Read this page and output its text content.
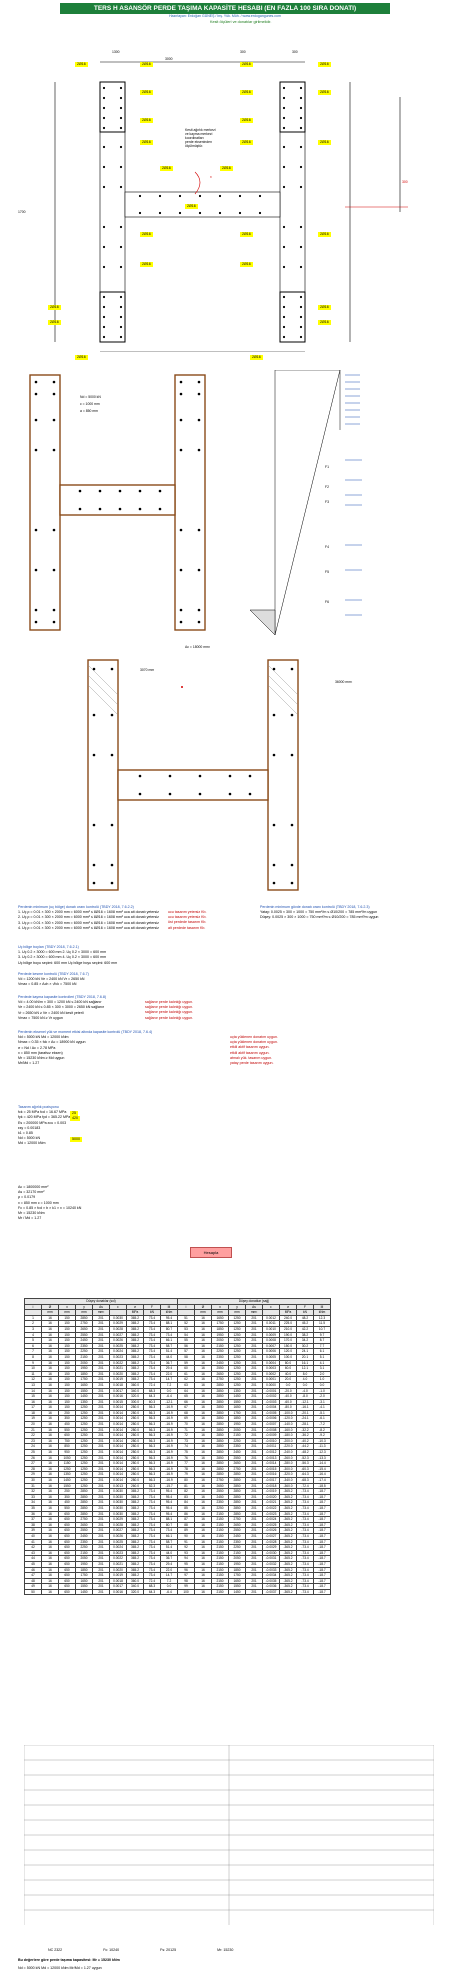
TERS H ASANSÖR PERDE TAŞIMA KAPASİTE HESABI (EN FAZLA 100 SIRA DONATI)
Hazırlayan: Erdoğan GÜNEŞ / İnş. Yük. Müh. / www.erdogangunes.com
Kesit ölçüleri ve donatılar girilmelidir.
Kesit ağırlık merkezi
ve kayma merkezi
koordinatları
perde ekseninden
ölçülmüştür.
x
3000
1300	300	300
300
1700
2Ø16	2Ø16	2Ø16	2Ø16
2Ø16	2Ø16
2Ø16	2Ø16
2Ø16	2Ø16
2Ø16	2Ø16
2Ø16
2Ø16	2Ø16
2Ø16	2Ø16
2Ø16
2Ø16
2Ø16
2Ø16
2Ø16	2Ø16
2Ø16
2Ø16
2Ø16
Nd = 5000 kN
c = 1000 mm
a = 850 mm
F1
F2
F3
F4
F5
F6
Ac = 18000 mm²
36000 mm²
3070 mm
Perdenin minimum (uç bölge) donatı oranı kontrolü (TBDY 2018, 7.6.2.2)
1. Uç ρ = 0.01 × 300 × 2000 mm = 6000 mm² ≤ 8Ø16 = 1608 mm² uca ait donatı yetersiz
2. Uç ρ = 0.01 × 300 × 2000 mm = 6000 mm² ≤ 8Ø16 = 1608 mm² uca ait donatı yetersiz
3. Uç ρ = 0.01 × 300 × 2000 mm = 6000 mm² ≤ 8Ø16 = 1608 mm² uca ait donatı yetersiz
4. Uç ρ = 0.01 × 300 × 2000 mm = 6000 mm² ≤ 8Ø16 = 1608 mm² uca ait donatı yetersiz
ucu tasarım yetersiz Kb.
ucu tasarım yetersiz Kb.
üst perdede tasarım Kb.
alt perdede tasarım Kb.
Perdenin minimum gövde donatı oranı kontrolü (TBDY 2018, 7.6.2.3)
Yatay: 0.0025 × 300 × 1000 = 750 mm²/m ≤ Ø10/200 = 785 mm²/m uygun
Düşey: 0.0025 × 300 × 1000 = 750 mm²/m ≤ Ø10/200 = 785 mm²/m uygun
Uç bölge boyları (TBDY 2018, 7.6.2.1)
1. Uç 0.2 × 3000 = 600 mm 2. Uç 0.2 × 3000 = 600 mm
3. Uç 0.2 × 3000 = 600 mm 4. Uç 0.2 × 3000 = 600 mm
Uç bölge boyu seçimi: 600 mm Uç bölge boyu seçimi: 600 mm
Perdede kesme kontrolü (TBDY 2018, 7.6.7)
Vd = 1200 kN Ve = 2400 kN Vr = 2650 kN
Vmax = 0.85 × Ach × √fck = 7500 kN
Perdede kayma kapasite kontrolleri (TBDY 2018, 7.6.8)
Vd = 4.00 kN/m × 300 = 1200 kN ≤ 2400 kN sağlanır
Ve = 2400 kN ≤ 0.85 × 300 × 3000 = 2650 kN sağlanır
Vr = 2650 kN ≥ Ve = 2400 kN kesit yeterli
Vmax = 7500 kN ≥ Vr uygun
sağlanır perde kalınlığı uygun.
sağlanır perde kalınlığı uygun.
sağlanır perde kalınlığı uygun.
sağlanır perde kalınlığı uygun.
Perdenin eksenel yük ve moment etkisi altında kapasite kontrolü (TBDY 2018, 7.6.4)
Nd = 5000 kN Md = 12000 kNm
Nmax = 0.35 × fck × Ac = 18900 kN uygun
σ = Nd / Ac = 2.78 MPa
x = 850 mm (tarafsız eksen)
Mr = 15230 kNm ≥ Md uygun
Mr/Md = 1.27
uçta yüklenen donatım uygun.
uçta yüklenen donatım uygun.
etkili aktif tasarım uygun.
etkili aktif tasarım uygun.
atmalı yük. tasarım uygun.
yatay perde tasarım uygun.
Tasarım ağırlık pozisyonu
fck = 25 MPa fcd = 16.67 MPa
fyk = 420 MPa fyd = 365.22 MPa
Es = 200000 MPa εcu = 0.003
εsy = 0.00183
k1 = 0.85
Nd = 5000 kN
Md = 12000 kNm
25
420
5000
Hesapla
Ac = 1800000 mm²
As = 32170 mm²
ρ = 0.0179
x = 850 mm c = 1000 mm
Fc = 0.85 × fcd × b × k1 × x = 10240 kN
Mr = 15230 kNm
Mr / Md = 1.27
Düşey donatılar (sol)									Düşey donatılar (sağ)								
i	Ø	x	y	As	ε	σ	F	M	i	Ø	x	y	As	ε	σ	F	M
	mm	mm	mm	mm²		MPa	kN	kNm		mm	mm	mm	mm²		MPa	kN	kNm
1	16	150	2850	201	0.0030	365.2	73.4	95.4	51	16	1650	1250	201	0.0012	240.0	48.2	12.3
2	16	150	2750	201	0.0029	365.2	73.4	88.1	52	16	1750	1250	201	0.0011	225.0	45.2	11.5
3	16	150	2650	201	0.0028	365.2	73.4	80.7	53	16	1850	1250	201	0.0010	210.0	42.2	10.7
4	16	150	2550	201	0.0027	365.2	73.4	73.4	54	16	1950	1250	201	0.0009	190.0	38.2	9.7
5	16	150	2450	201	0.0026	365.2	73.4	66.1	55	16	2050	1250	201	0.0008	170.0	34.2	8.7
6	16	150	2350	201	0.0025	365.2	73.4	58.7	56	16	2150	1250	201	0.0007	150.0	30.2	7.7
7	16	150	2250	201	0.0024	365.2	73.4	51.4	57	16	2250	1250	201	0.0006	120.0	24.1	6.1
8	16	150	2150	201	0.0023	365.2	73.4	44.0	58	16	2350	1250	201	0.0005	100.0	20.1	5.1
9	16	150	2050	201	0.0022	365.2	73.4	36.7	59	16	2450	1250	201	0.0004	80.0	16.1	4.1
10	16	150	1950	201	0.0021	365.2	73.4	29.4	60	16	2550	1250	201	0.0003	60.0	12.1	3.1
11	16	150	1850	201	0.0020	365.2	73.4	22.0	61	16	2650	1250	201	0.0002	40.0	8.0	2.0
12	16	150	1750	201	0.0019	365.2	73.4	14.7	62	16	2750	1250	201	0.0001	20.0	4.0	1.0
13	16	150	1650	201	0.0018	360.0	72.4	7.2	63	16	2850	1250	201	0.0000	0.0	0.0	0.0
14	16	150	1550	201	0.0017	340.0	68.3	0.0	64	16	2850	1350	201	-0.0001	-20.0	-4.0	-1.0
15	16	150	1450	201	0.0016	320.0	64.3	-6.4	65	16	2850	1450	201	-0.0002	-40.0	-8.0	-2.0
16	16	150	1350	201	0.0015	300.0	60.3	-12.1	66	16	2850	1550	201	-0.0003	-60.0	-12.1	-3.1
17	16	150	1250	201	0.0014	280.0	56.3	-16.9	67	16	2850	1650	201	-0.0004	-80.0	-16.1	-4.1
18	16	250	1250	201	0.0014	280.0	56.3	-16.9	68	16	2850	1750	201	-0.0005	-100.0	-20.1	-5.1
19	16	350	1250	201	0.0014	280.0	56.3	-16.9	69	16	2850	1850	201	-0.0006	-120.0	-24.1	-6.1
20	16	450	1250	201	0.0014	280.0	56.3	-16.9	70	16	2850	1950	201	-0.0007	-140.0	-28.1	-7.2
21	16	550	1250	201	0.0014	280.0	56.3	-16.9	71	16	2850	2050	201	-0.0008	-160.0	-32.2	-8.2
22	16	650	1250	201	0.0014	280.0	56.3	-16.9	72	16	2850	2150	201	-0.0009	-180.0	-36.2	-9.2
23	16	750	1250	201	0.0014	280.0	56.3	-16.9	73	16	2850	2250	201	-0.0010	-200.0	-40.2	-10.3
24	16	850	1250	201	0.0014	280.0	56.3	-16.9	74	16	2850	2350	201	-0.0011	-220.0	-44.2	-11.3
25	16	950	1250	201	0.0014	280.0	56.3	-16.9	75	16	2850	2450	201	-0.0012	-240.0	-48.2	-12.3
26	16	1050	1250	201	0.0014	280.0	56.3	-16.9	76	16	2850	2550	201	-0.0013	-260.0	-52.3	-13.3
27	16	1150	1250	201	0.0014	280.0	56.3	-16.9	77	16	2850	2650	201	-0.0014	-280.0	-56.3	-14.4
28	16	1250	1250	201	0.0014	280.0	56.3	-16.9	78	16	2850	2750	201	-0.0015	-300.0	-60.3	-15.4
29	16	1350	1250	201	0.0014	280.0	56.3	-16.9	79	16	2850	2850	201	-0.0016	-320.0	-64.3	-16.4
30	16	1450	1250	201	0.0014	280.0	56.3	-16.9	80	16	2750	2850	201	-0.0017	-340.0	-68.3	-17.4
31	16	1550	1250	201	0.0013	260.0	52.3	-15.7	81	16	2650	2850	201	-0.0018	-360.0	-72.4	-18.5
32	16	250	2850	201	0.0030	365.2	73.4	95.4	82	16	2550	2850	201	-0.0019	-365.2	-73.4	-18.7
33	16	350	2850	201	0.0030	365.2	73.4	95.4	83	16	2450	2850	201	-0.0020	-365.2	-73.4	-18.7
34	16	450	2850	201	0.0030	365.2	73.4	95.4	84	16	2350	2850	201	-0.0021	-365.2	-73.4	-18.7
35	16	550	2850	201	0.0030	365.2	73.4	95.4	85	16	2250	2850	201	-0.0022	-365.2	-73.4	-18.7
36	16	650	2850	201	0.0030	365.2	73.4	95.4	86	16	2150	2850	201	-0.0023	-365.2	-73.4	-18.7
37	16	650	2750	201	0.0029	365.2	73.4	88.1	87	16	2150	2750	201	-0.0024	-365.2	-73.4	-18.7
38	16	650	2650	201	0.0028	365.2	73.4	80.7	88	16	2150	2650	201	-0.0025	-365.2	-73.4	-18.7
39	16	650	2550	201	0.0027	365.2	73.4	73.4	89	16	2150	2550	201	-0.0026	-365.2	-73.4	-18.7
40	16	650	2450	201	0.0026	365.2	73.4	66.1	90	16	2150	2450	201	-0.0027	-365.2	-73.4	-18.7
41	16	650	2350	201	0.0025	365.2	73.4	58.7	91	16	2150	2350	201	-0.0028	-365.2	-73.4	-18.7
42	16	650	2250	201	0.0024	365.2	73.4	51.4	92	16	2150	2250	201	-0.0029	-365.2	-73.4	-18.7
43	16	650	2150	201	0.0023	365.2	73.4	44.0	93	16	2150	2150	201	-0.0030	-365.2	-73.4	-18.7
44	16	650	2050	201	0.0022	365.2	73.4	36.7	94	16	2150	2050	201	-0.0031	-365.2	-73.4	-18.7
45	16	650	1950	201	0.0021	365.2	73.4	29.4	95	16	2150	1950	201	-0.0032	-365.2	-73.4	-18.7
46	16	650	1850	201	0.0020	365.2	73.4	22.0	96	16	2150	1850	201	-0.0033	-365.2	-73.4	-18.7
47	16	650	1750	201	0.0019	365.2	73.4	14.7	97	16	2150	1750	201	-0.0034	-365.2	-73.4	-18.7
48	16	650	1650	201	0.0018	360.0	72.4	7.2	98	16	2150	1650	201	-0.0035	-365.2	-73.4	-18.7
49	16	650	1550	201	0.0017	340.0	68.3	0.0	99	16	2150	1550	201	-0.0036	-365.2	-73.4	-18.7
50	16	650	1450	201	0.0016	320.0	64.3	-6.4	100	16	2150	1450	201	-0.0037	-365.2	-73.4	-18.7
NC 2322	Fc: 10240	Fs: 20125	Mr: 15230
Bu değerlere göre perde taşıma kapasitesi: Mr = 15230 kNm
Nd = 5000 kN Md = 12000 kNm Mr/Md = 1.27 uygun
